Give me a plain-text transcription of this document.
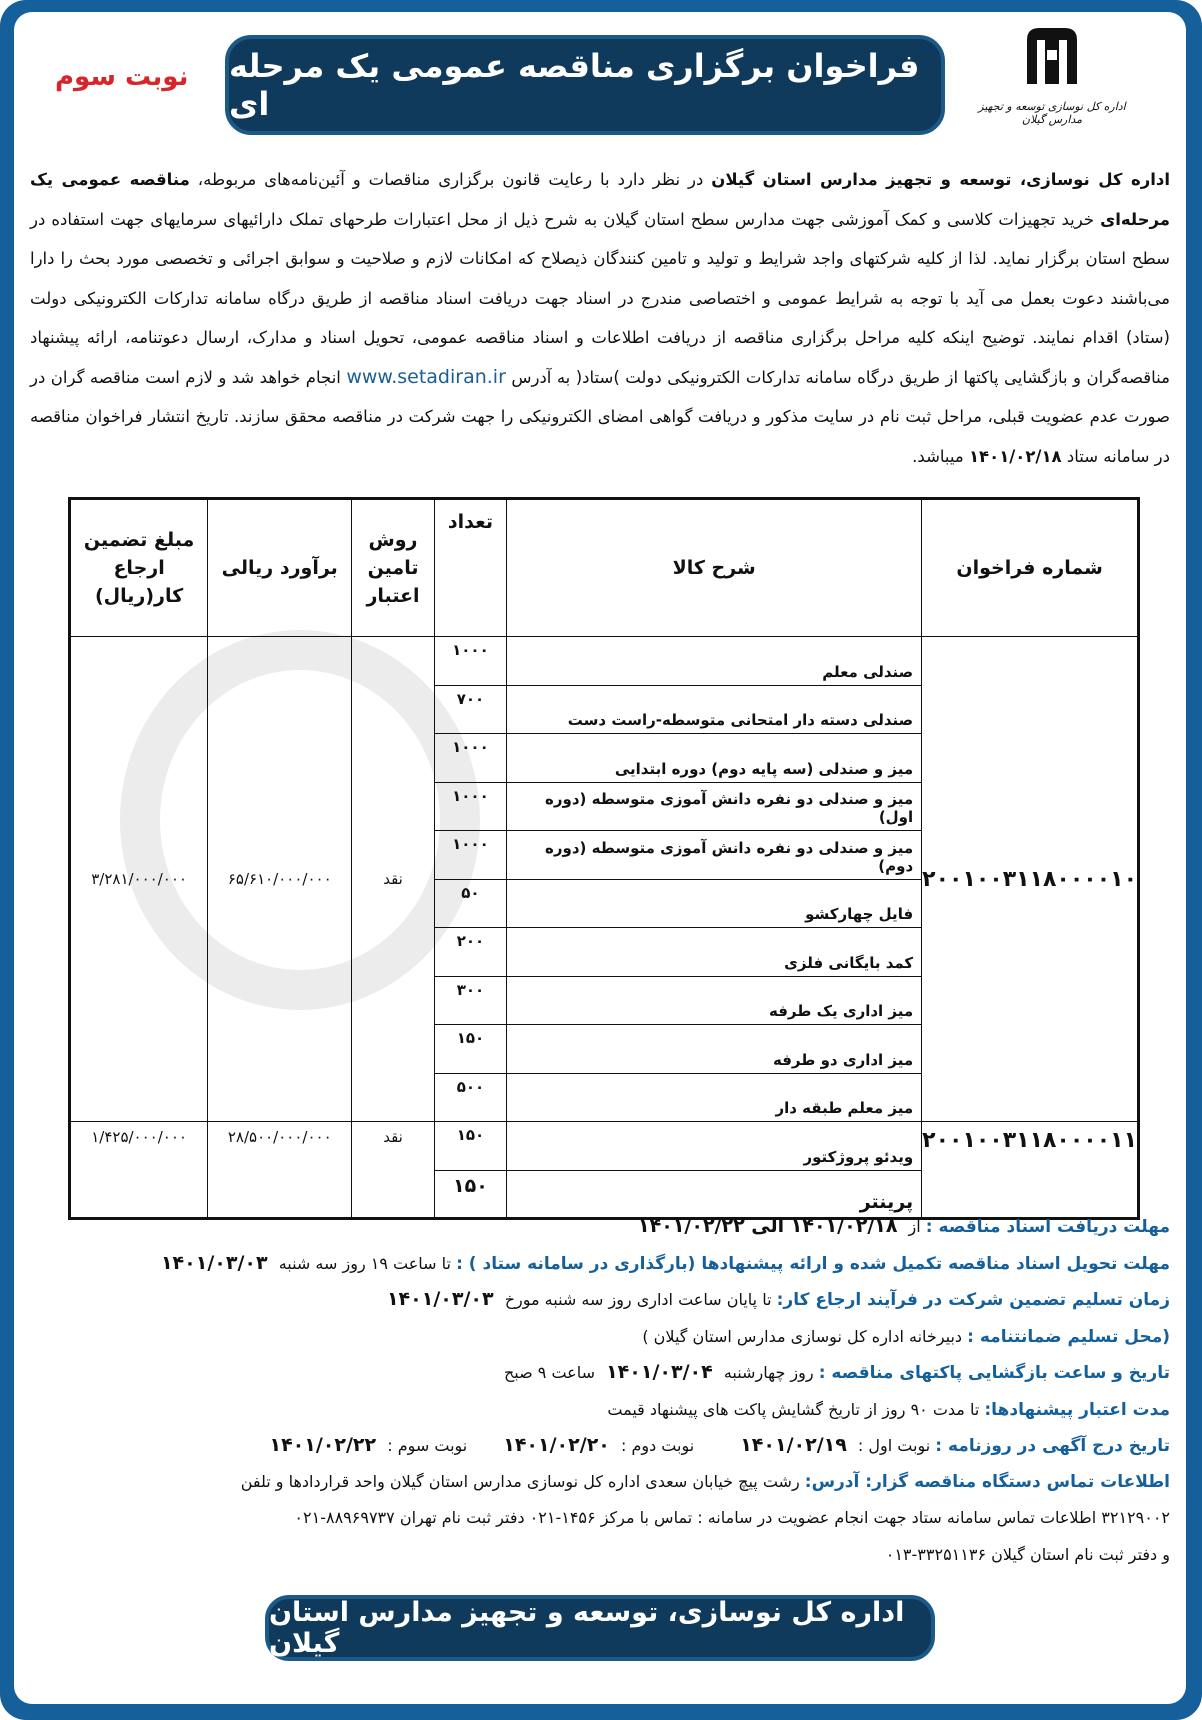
نوبت سوم فراخوان برگزاری مناقصه عمومی یک مرحله ای	اداره کل نوسازی توسعه و تجهیز مدارس گیلان
اداره کل نوسازی، توسعه و تجهیز مدارس استان گیلان در نظر دارد با رعایت قانون برگزاری مناقصات و آئین‌نامه‌های مربوطه، مناقصه عمومی یک مرحله‌ای خرید تجهیزات کلاسی و کمک آموزشی جهت مدارس سطح استان گیلان به شرح ذیل از محل اعتبارات طرحهای تملک دارائیهای سرمایهای جهت استفاده در سطح استان برگزار نماید. لذا از کلیه شرکتهای واجد شرایط و تولید و تامین کنندگان ذیصلاح که امکانات لازم و صلاحیت و سوابق اجرائی و تخصصی مورد بحث را دارا می‌باشند دعوت بعمل می آید با توجه به شرایط عمومی و اختصاصی مندرج در اسناد جهت دریافت اسناد مناقصه از طریق درگاه سامانه تدارکات الکترونیکی دولت (ستاد) اقدام نمایند. توضیح اینکه کلیه مراحل برگزاری مناقصه از دریافت اطلاعات و اسناد مناقصه عمومی، تحویل اسناد و مدارک، ارسال دعوتنامه، ارائه پیشنهاد مناقصه‌گران و بازگشایی پاکتها از طریق درگاه سامانه تدارکات الکترونیکی دولت )ستاد( به آدرس www.setadiran.ir انجام خواهد شد و لازم است مناقصه گران در صورت عدم عضویت قبلی، مراحل ثبت نام در سایت مذکور و دریافت گواهی امضای الکترونیکی را جهت شرکت در مناقصه محقق سازند. تاریخ انتشار فراخوان مناقصه در سامانه ستاد ۱۴۰۱/۰۲/۱۸ میباشد.
شماره فراخوان	شرح کالا	تعداد	روش تامین اعتبار	برآورد ریالی	مبلغ تضمین ارجاع کار(ریال)
۲۰۰۱۰۰۳۱۱۸۰۰۰۰۱۰	صندلی معلم	۱۰۰۰	نقد	۶۵/۶۱۰/۰۰۰/۰۰۰	۳/۲۸۱/۰۰۰/۰۰۰
	صندلی دسته دار امتحانی متوسطه-راست دست	۷۰۰			
	میز و صندلی (سه پایه دوم) دوره ابتدایی	۱۰۰۰			
	میز و صندلی دو نفره دانش آموزی متوسطه (دوره اول)	۱۰۰۰			
	میز و صندلی دو نفره دانش آموزی متوسطه (دوره دوم)	۱۰۰۰			
	فایل چهارکشو	۵۰			
	کمد بایگانی فلزی	۲۰۰			
	میز اداری یک طرفه	۳۰۰			
	میز اداری دو طرفه	۱۵۰			
	میز معلم طبقه دار	۵۰۰			
۲۰۰۱۰۰۳۱۱۸۰۰۰۰۱۱	ویدئو پروژکتور	۱۵۰	نقد	۲۸/۵۰۰/۰۰۰/۰۰۰	۱/۴۲۵/۰۰۰/۰۰۰
	پرینتر	۱۵۰			
مهلت دریافت اسناد مناقصه : از ۱۴۰۱/۰۲/۱۸ الی ۱۴۰۱/۰۲/۲۲
مهلت تحویل اسناد مناقصه تکمیل شده و ارائه پیشنهادها (بارگذاری در سامانه ستاد ) : تا ساعت ۱۹ روز سه شنبه ۱۴۰۱/۰۳/۰۳
زمان تسلیم تضمین شرکت در فرآیند ارجاع کار: تا پایان ساعت اداری روز سه شنبه مورخ ۱۴۰۱/۰۳/۰۳
(محل تسلیم ضمانتنامه : دبیرخانه اداره کل نوسازی مدارس استان گیلان )
تاریخ و ساعت بازگشایی پاکتهای مناقصه : روز چهارشنبه ۱۴۰۱/۰۳/۰۴ ساعت ۹ صبح
مدت اعتبار پیشنهادها: تا مدت ۹۰ روز از تاریخ گشایش پاکت های پیشنهاد قیمت
تاریخ درج آگهی در روزنامه : نوبت اول : ۱۴۰۱/۰۲/۱۹نوبت دوم : ۱۴۰۱/۰۲/۲۰نوبت سوم : ۱۴۰۱/۰۲/۲۲
اطلاعات تماس دستگاه مناقصه گزار: آدرس: رشت پیچ خیابان سعدی اداره کل نوسازی مدارس استان گیلان واحد قراردادها و تلفن
۳۲۱۲۹۰۰۲ اطلاعات تماس سامانه ستاد جهت انجام عضویت در سامانه : تماس با مرکز ۱۴۵۶-۰۲۱ دفتر ثبت نام تهران ۸۸۹۶۹۷۳۷-۰۲۱
و دفتر ثبت نام استان گیلان ۳۳۲۵۱۱۳۶-۰۱۳
اداره کل نوسازی، توسعه و تجهیز مدارس استان گیلان
